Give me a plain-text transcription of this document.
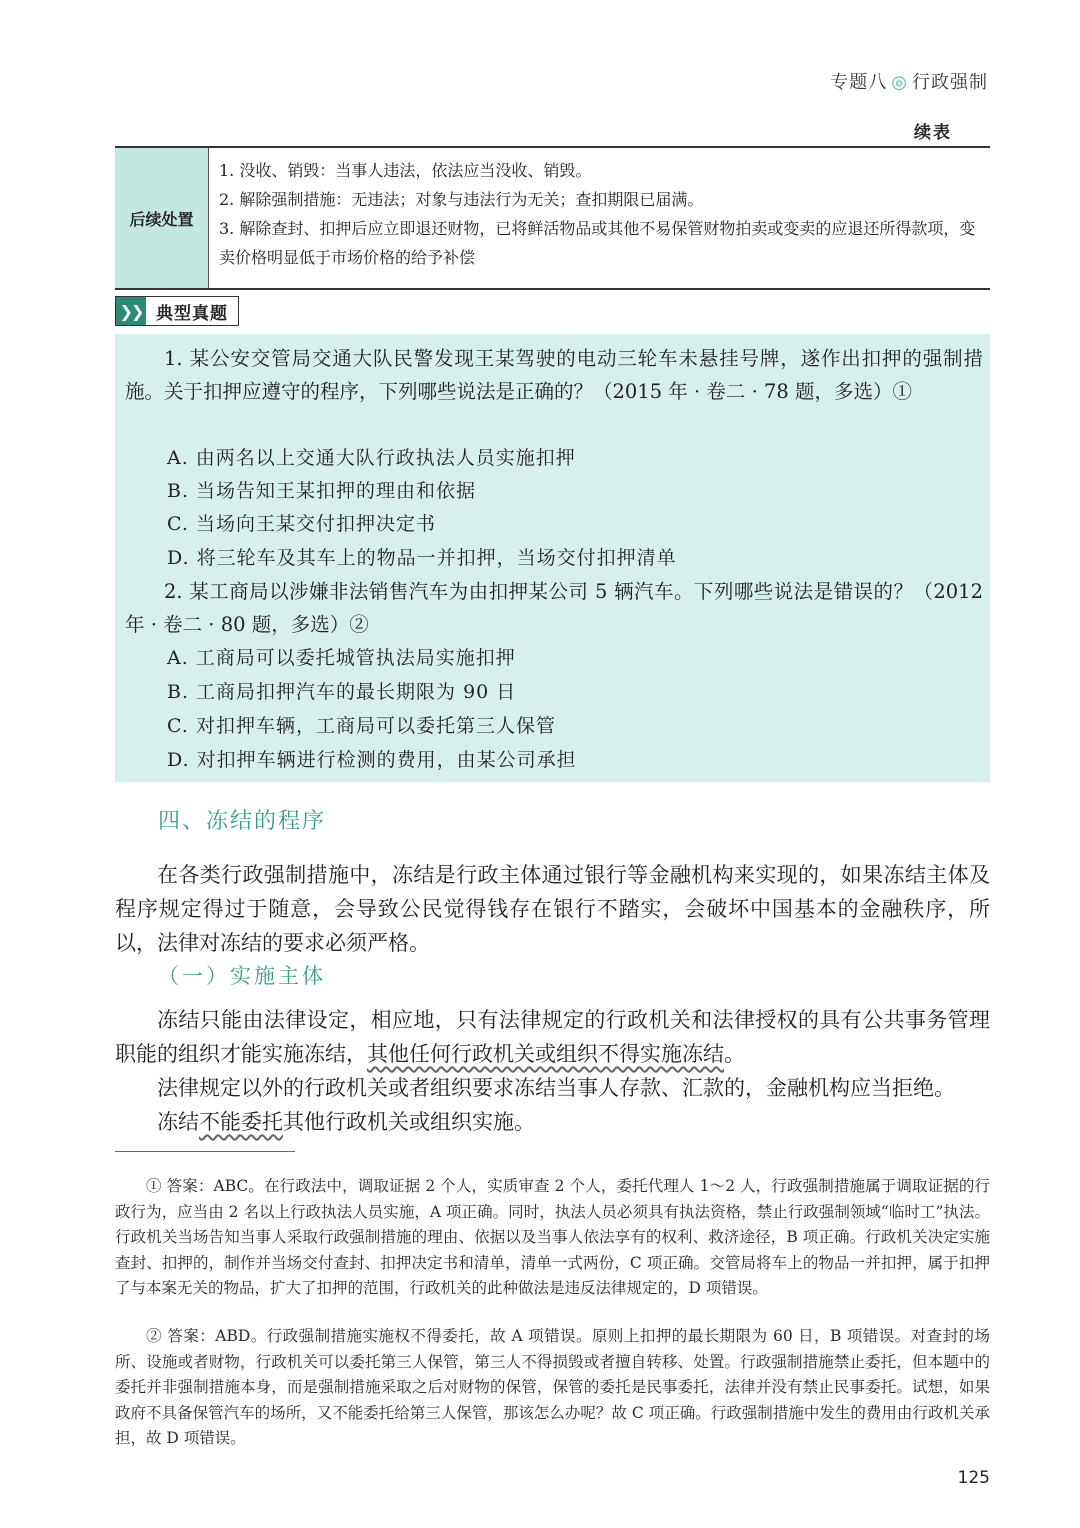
专题八 ◎ 行政强制
续表
后续处置

1. 没收、销毁：当事人违法，依法应当没收、销毁。

2. 解除强制措施：无违法；对象与违法行为无关；查扣期限已届满。

3. 解除查封、扣押后应立即退还财物，已将鲜活物品或其他不易保管财物拍卖或变卖的应退还所得款项，变卖价格明显低于市场价格的给予补偿

❯❯ 典型真题

1. 某公安交管局交通大队民警发现王某驾驶的电动三轮车未悬挂号牌，遂作出扣押的强制措施。关于扣押应遵守的程序，下列哪些说法是正确的？（2015 年 · 卷二 · 78 题，多选）①

A. 由两名以上交通大队行政执法人员实施扣押

B. 当场告知王某扣押的理由和依据

C. 当场向王某交付扣押决定书

D. 将三轮车及其车上的物品一并扣押，当场交付扣押清单

2. 某工商局以涉嫌非法销售汽车为由扣押某公司 5 辆汽车。下列哪些说法是错误的？（2012 年 · 卷二 · 80 题，多选）②

A. 工商局可以委托城管执法局实施扣押

B. 工商局扣押汽车的最长期限为 90 日

C. 对扣押车辆，工商局可以委托第三人保管

D. 对扣押车辆进行检测的费用，由某公司承担

四、冻结的程序

在各类行政强制措施中，冻结是行政主体通过银行等金融机构来实现的，如果冻结主体及程序规定得过于随意，会导致公民觉得钱存在银行不踏实，会破坏中国基本的金融秩序，所以，法律对冻结的要求必须严格。

（一）实施主体

冻结只能由法律设定，相应地，只有法律规定的行政机关和法律授权的具有公共事务管理职能的组织才能实施冻结，其他任何行政机关或组织不得实施冻结。

法律规定以外的行政机关或者组织要求冻结当事人存款、汇款的，金融机构应当拒绝。

冻结不能委托其他行政机关或组织实施。

① 答案：ABC。在行政法中，调取证据 2 个人，实质审查 2 个人，委托代理人 1～2 人，行政强制措施属于调取证据的行政行为，应当由 2 名以上行政执法人员实施，A 项正确。同时，执法人员必须具有执法资格，禁止行政强制领域“临时工”执法。行政机关当场告知当事人采取行政强制措施的理由、依据以及当事人依法享有的权利、救济途径，B 项正确。行政机关决定实施查封、扣押的，制作并当场交付查封、扣押决定书和清单，清单一式两份，C 项正确。交管局将车上的物品一并扣押，属于扣押了与本案无关的物品，扩大了扣押的范围，行政机关的此种做法是违反法律规定的，D 项错误。

② 答案：ABD。行政强制措施实施权不得委托，故 A 项错误。原则上扣押的最长期限为 60 日，B 项错误。对查封的场所、设施或者财物，行政机关可以委托第三人保管，第三人不得损毁或者擅自转移、处置。行政强制措施禁止委托，但本题中的委托并非强制措施本身，而是强制措施采取之后对财物的保管，保管的委托是民事委托，法律并没有禁止民事委托。试想，如果政府不具备保管汽车的场所，又不能委托给第三人保管，那该怎么办呢？故 C 项正确。行政强制措施中发生的费用由行政机关承担，故 D 项错误。

125
